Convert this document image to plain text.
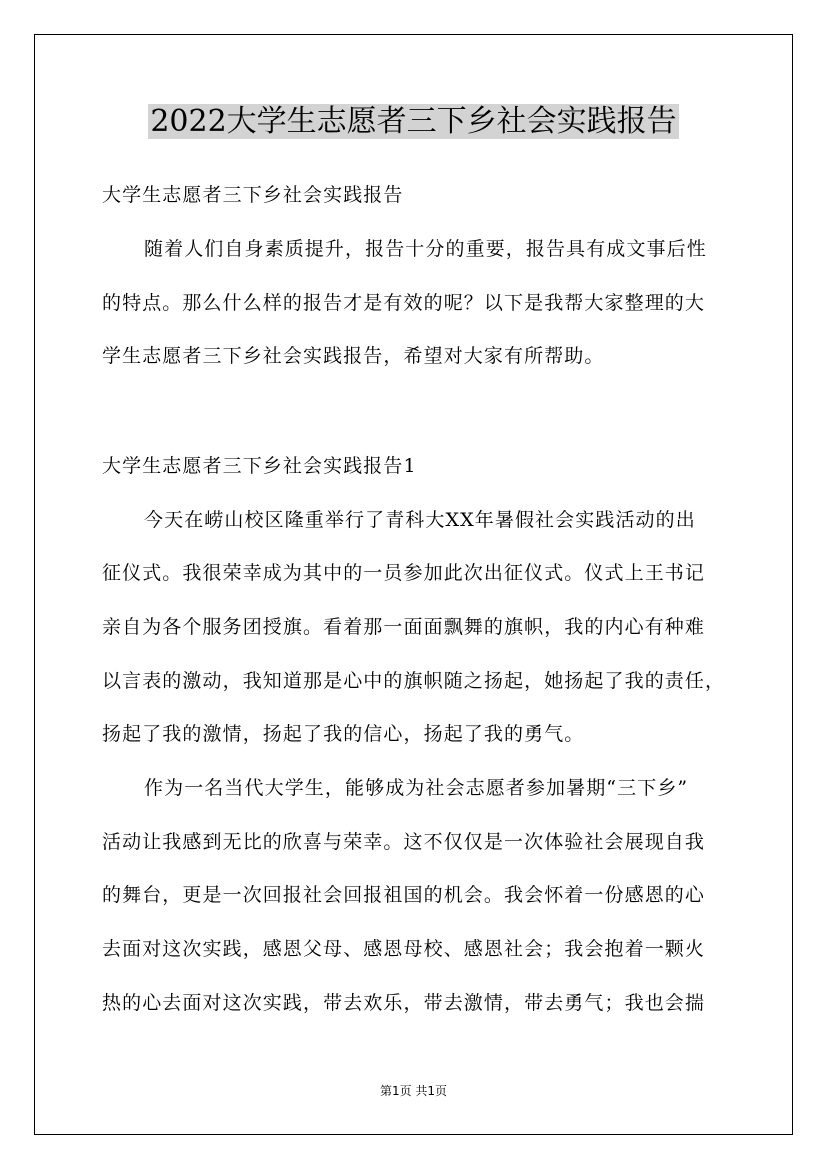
2022大学生志愿者三下乡社会实践报告
大学生志愿者三下乡社会实践报告
随着人们自身素质提升，报告十分的重要，报告具有成文事后性
的特点。那么什么样的报告才是有效的呢？以下是我帮大家整理的大
学生志愿者三下乡社会实践报告，希望对大家有所帮助。
大学生志愿者三下乡社会实践报告1
今天在崂山校区隆重举行了青科大XX年暑假社会实践活动的出
征仪式。我很荣幸成为其中的一员参加此次出征仪式。仪式上王书记
亲自为各个服务团授旗。看着那一面面飘舞的旗帜，我的内心有种难
以言表的激动，我知道那是心中的旗帜随之扬起，她扬起了我的责任，
扬起了我的激情，扬起了我的信心，扬起了我的勇气。
作为一名当代大学生，能够成为社会志愿者参加暑期“三下乡”
活动让我感到无比的欣喜与荣幸。这不仅仅是一次体验社会展现自我
的舞台，更是一次回报社会回报祖国的机会。我会怀着一份感恩的心
去面对这次实践，感恩父母、感恩母校、感恩社会；我会抱着一颗火
热的心去面对这次实践，带去欢乐，带去激情，带去勇气；我也会揣
第1页 共1页
